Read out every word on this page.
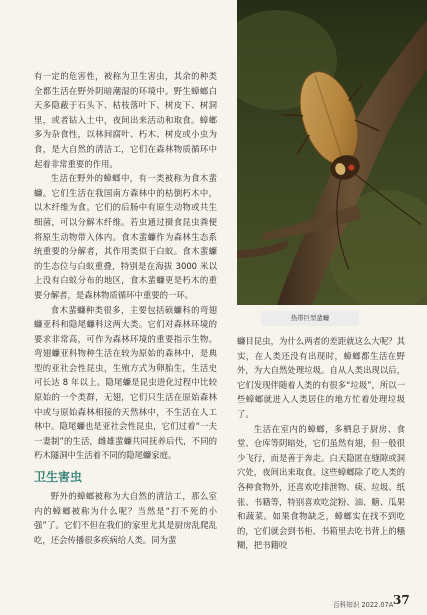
有一定的危害性，被称为卫生害虫，其余的种类全都生活在野外阴暗潮湿的环境中。野生蟑螂白天多隐蔽于石头下、枯枝落叶下、树皮下、树洞里，或者钻入土中，夜间出来活动和取食。蟑螂多为杂食性，以林间腐叶、朽木、树皮或小虫为食，是大自然的清洁工，它们在森林物质循环中起着非常重要的作用。

生活在野外的蟑螂中，有一类被称为食木蜚蠊。它们生活在我国南方森林中的枯倒朽木中，以木纤维为食。它们的后肠中有原生动物或共生细菌，可以分解木纤维。若虫通过摄食昆虫粪便将原生动物带入体内。食木蜚蠊作为森林生态系统重要的分解者，其作用类似于白蚁。食木蜚蠊的生态位与白蚁重叠，特别是在海拔 3000 米以上没有白蚁分布的地区，食木蜚蠊更是朽木的重要分解者，是森林物质循环中重要的一环。

食木蜚蠊种类很多，主要包括硕蠊科的弯翅蠊亚科和隐尾蠊科这两大类。它们对森林环境的要求非常高，可作为森林环境的重要指示生物。弯翅蠊亚科物种生活在较为原始的森林中，是典型的亚社会性昆虫，生殖方式为卵胎生，生活史可长达 8 年以上。隐尾蠊是昆虫进化过程中比较原始的一个类群，无翅，它们只生活在原始森林中或与原始森林相接的天然林中，不生活在人工林中。隐尾蠊也是亚社会性昆虫，它们过着“一夫一妻制”的生活，雌雄蜚蠊共同抚养后代，不同的朽木隧洞中生活着不同的隐尾蠊家庭。

卫生害虫

野外的蟑螂被称为大自然的清洁工，那么室内的蟑螂被称为什么呢？当然是“打不死的小强”了。它们不但在我们的家里尤其是厨房乱爬乱吃，还会传播很多疾病给人类。同为蜚

热带巨型蜚蠊

蠊目昆虫，为什么两者的差距就这么大呢？其实，在人类还没有出现时，蟑螂都生活在野外，为大自然处理垃圾。自从人类出现以后，它们发现伴随着人类的有很多“垃圾”，所以一些蟑螂就进入人类居住的地方忙着处理垃圾了。

生活在室内的蟑螂，多栖息于厨房、食堂、仓库等阴暗处，它们虽然有翅，但一般很少飞行，而是善于奔走。白天隐匿在缝隙或洞穴处，夜间出来取食。这些蟑螂除了吃人类的各种食物外，还喜欢吃排泄物、痰、垃圾、纸张、书籍等，特别喜欢吃淀粉、油、糖、瓜果和蔬菜。如果食物缺乏，蟑螂实在找不到吃的，它们就会到书柜、书箱里去吃书背上的糨糊，把书籍咬

百科知识 2022.07A 37
